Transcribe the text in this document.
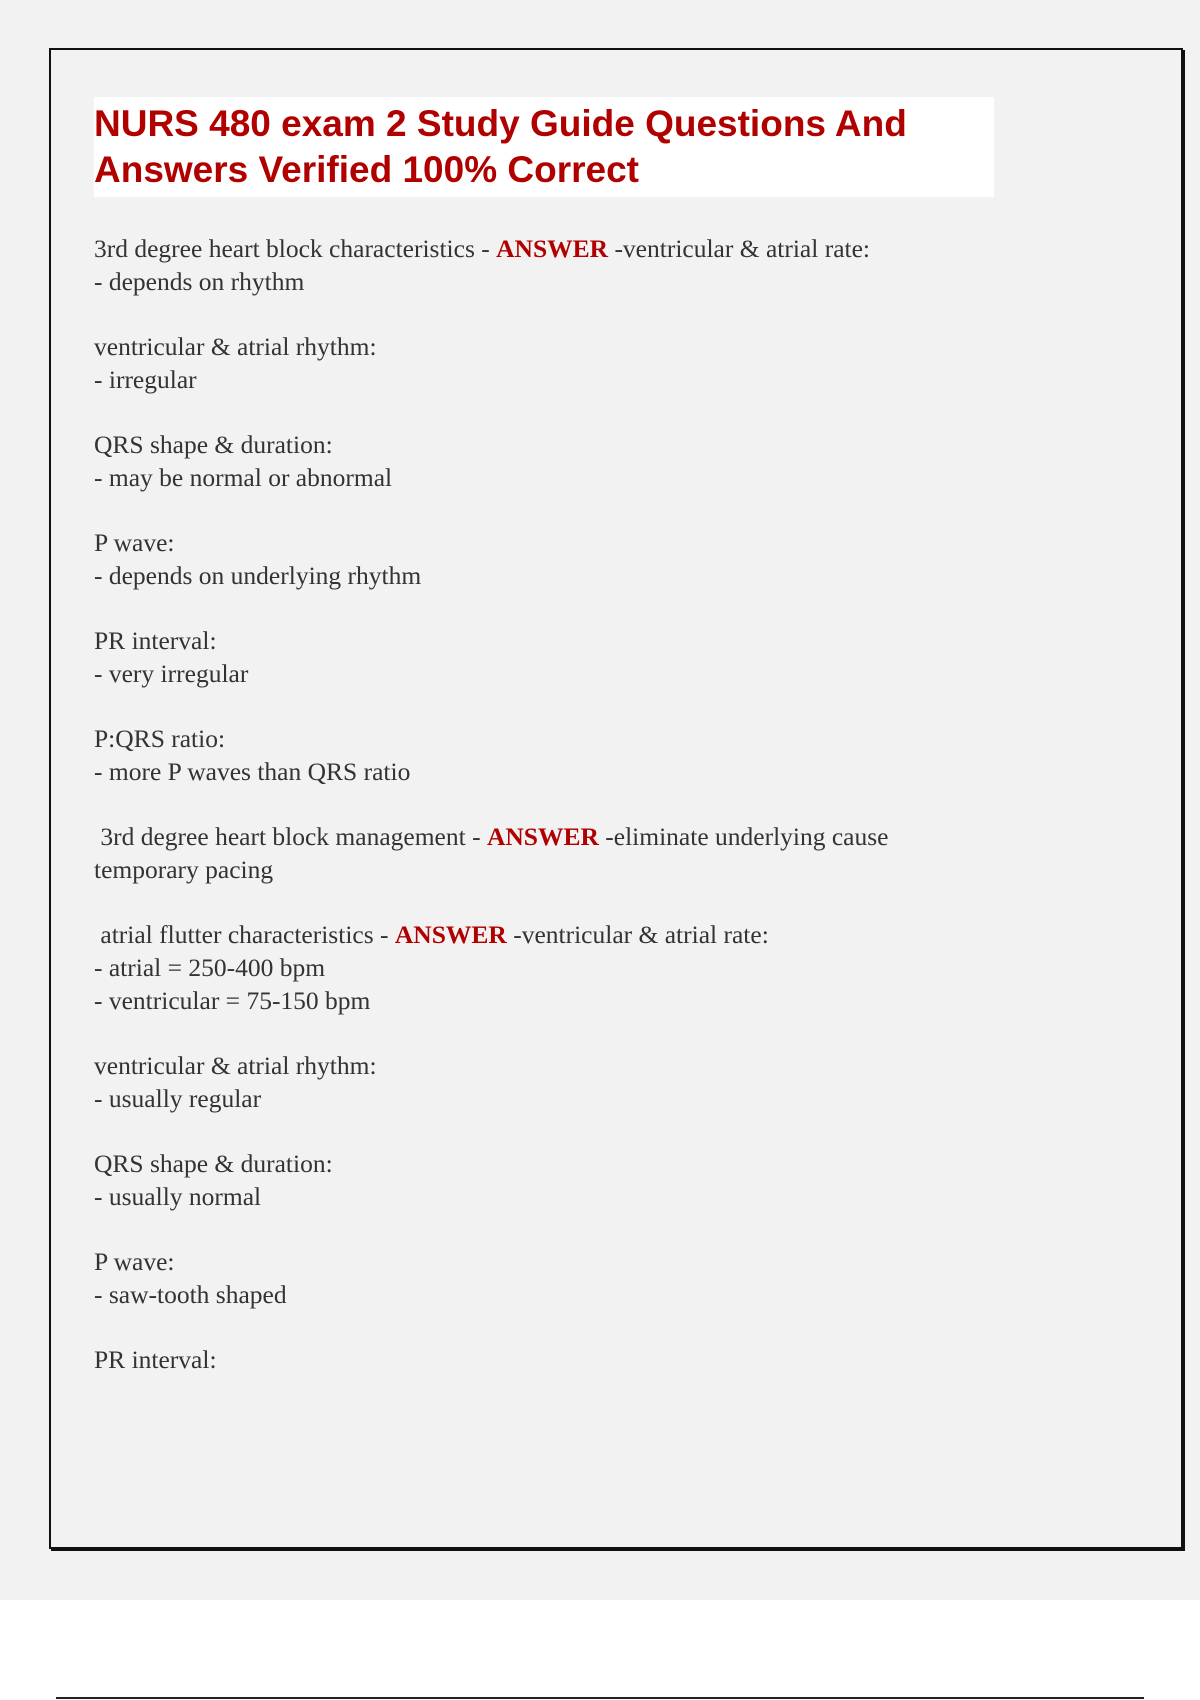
NURS 480 exam 2 Study Guide Questions And Answers Verified 100% Correct
3rd degree heart block characteristics - ANSWER -ventricular & atrial rate:
- depends on rhythm
ventricular & atrial rhythm:
- irregular
QRS shape & duration:
- may be normal or abnormal
P wave:
- depends on underlying rhythm
PR interval:
- very irregular
P:QRS ratio:
- more P waves than QRS ratio
3rd degree heart block management - ANSWER -eliminate underlying cause
temporary pacing
atrial flutter characteristics - ANSWER -ventricular & atrial rate:
- atrial = 250-400 bpm
- ventricular = 75-150 bpm
ventricular & atrial rhythm:
- usually regular
QRS shape & duration:
- usually normal
P wave:
- saw-tooth shaped
PR interval:
